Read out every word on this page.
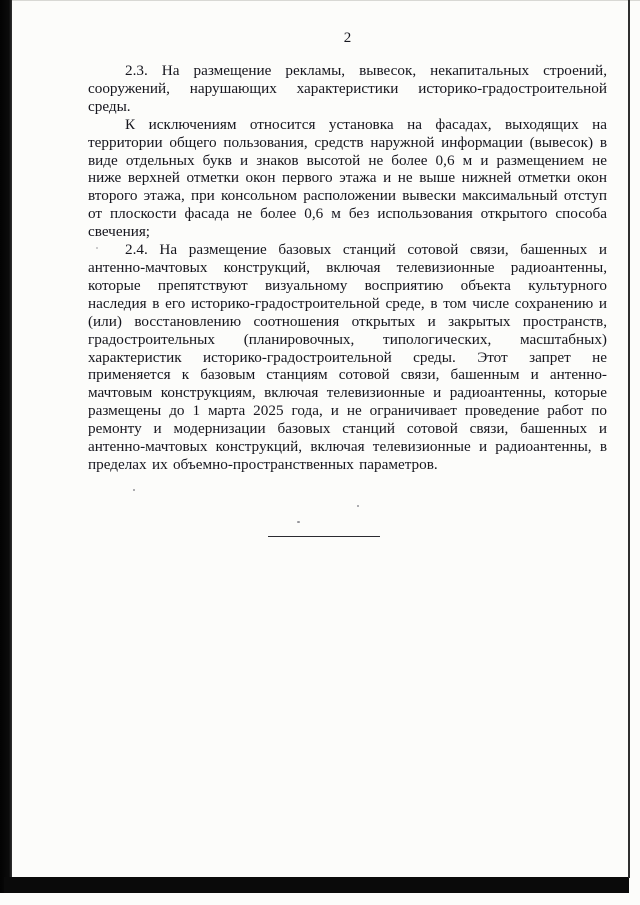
2

2.3. На размещение рекламы, вывесок, некапитальных строений, сооружений, нарушающих характеристики историко-градостроительной среды.

К исключениям относится установка на фасадах, выходящих на территории общего пользования, средств наружной информации (вывесок) в виде отдельных букв и знаков высотой не более 0,6 м и размещением не ниже верхней отметки окон первого этажа и не выше нижней отметки окон второго этажа, при консольном расположении вывески максимальный отступ от плоскости фасада не более 0,6 м без использования открытого способа свечения;

2.4. На размещение базовых станций сотовой связи, башенных и антенно-мачтовых конструкций, включая телевизионные радиоантенны, которые препятствуют визуальному восприятию объекта культурного наследия в его историко-градостроительной среде, в том числе сохранению и (или) восстановлению соотношения открытых и закрытых пространств, градостроительных (планировочных, типологических, масштабных) характеристик историко-градостроительной среды. Этот запрет не применяется к базовым станциям сотовой связи, башенным и антенно-мачтовым конструкциям, включая телевизионные и радиоантенны, которые размещены до 1 марта 2025 года, и не ограничивает проведение работ по ремонту и модернизации базовых станций сотовой связи, башенных и антенно-мачтовых конструкций, включая телевизионные и радиоантенны, в пределах их объемно-пространственных параметров.
